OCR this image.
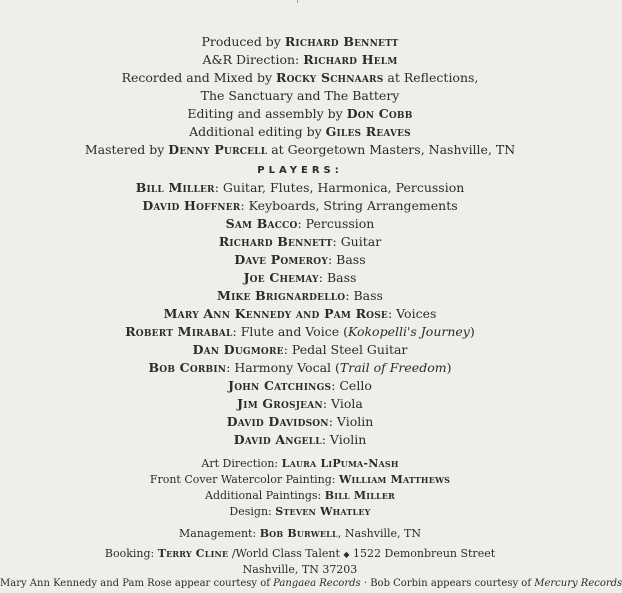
Produced by Richard Bennett
A&R Direction: Richard Helm
Recorded and Mixed by Rocky Schnaars at Reflections,
The Sanctuary and The Battery
Editing and assembly by Don Cobb
Additional editing by Giles Reaves
Mastered by Denny Purcell at Georgetown Masters, Nashville, TN
PLAYERS:
Bill Miller: Guitar, Flutes, Harmonica, Percussion
David Hoffner: Keyboards, String Arrangements
Sam Bacco: Percussion
Richard Bennett: Guitar
Dave Pomeroy: Bass
Joe Chemay: Bass
Mike Brignardello: Bass
Mary Ann Kennedy and Pam Rose: Voices
Robert Mirabal: Flute and Voice (Kokopelli's Journey)
Dan Dugmore: Pedal Steel Guitar
Bob Corbin: Harmony Vocal (Trail of Freedom)
John Catchings: Cello
Jim Grosjean: Viola
David Davidson: Violin
David Angell: Violin
Art Direction: Laura LiPuma-Nash
Front Cover Watercolor Painting: William Matthews
Additional Paintings: Bill Miller
Design: Steven Whatley
Management: Bob Burwell, Nashville, TN
Booking: Terry Cline /World Class Talent ◆ 1522 Demonbreun Street
Nashville, TN 37203
Mary Ann Kennedy and Pam Rose appear courtesy of Pangaea Records · Bob Corbin appears courtesy of Mercury Records
